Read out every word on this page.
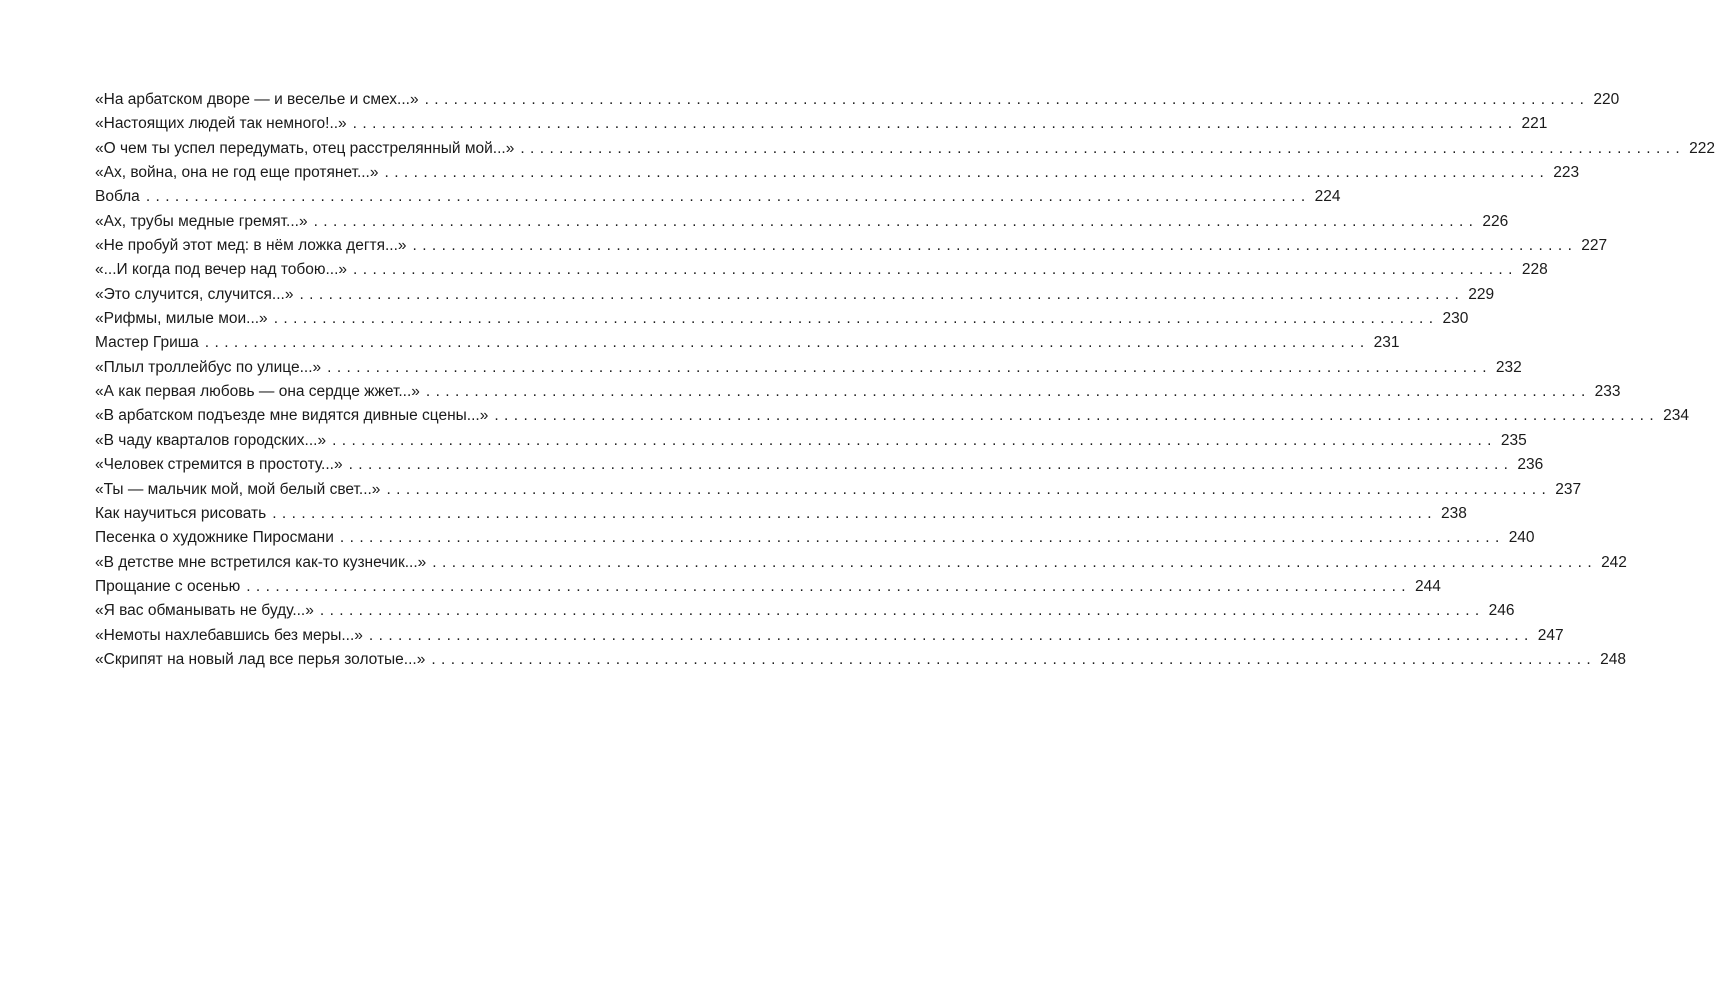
«На арбатском дворе — и веселье и смех...» ........................................................................................................................ 220
«Настоящих людей так немного!..» ........................................................................................................................ 221
«О чем ты успел передумать, отец расстрелянный мой...» ........................................................................................................................ 222
«Ах, война, она не год еще протянет...» ........................................................................................................................ 223
Вобла ........................................................................................................................ 224
«Ах, трубы медные гремят...» ........................................................................................................................ 226
«Не пробуй этот мед: в нём ложка дегтя...» ........................................................................................................................ 227
«...И когда под вечер над тобою...» ........................................................................................................................ 228
«Это случится, случится...» ........................................................................................................................ 229
«Рифмы, милые мои...» ........................................................................................................................ 230
Мастер Гриша ........................................................................................................................ 231
«Плыл троллейбус по улице...» ........................................................................................................................ 232
«А как первая любовь — она сердце жжет...» ........................................................................................................................ 233
«В арбатском подъезде мне видятся дивные сцены...» ........................................................................................................................ 234
«В чаду кварталов городских...» ........................................................................................................................ 235
«Человек стремится в простоту...» ........................................................................................................................ 236
«Ты — мальчик мой, мой белый свет...» ........................................................................................................................ 237
Как научиться рисовать ........................................................................................................................ 238
Песенка о художнике Пиросмани ........................................................................................................................ 240
«В детстве мне встретился как-то кузнечик...» ........................................................................................................................ 242
Прощание с осенью ........................................................................................................................ 244
«Я вас обманывать не буду...» ........................................................................................................................ 246
«Немоты нахлебавшись без меры...» ........................................................................................................................ 247
«Скрипят на новый лад все перья золотые...» ........................................................................................................................ 248
